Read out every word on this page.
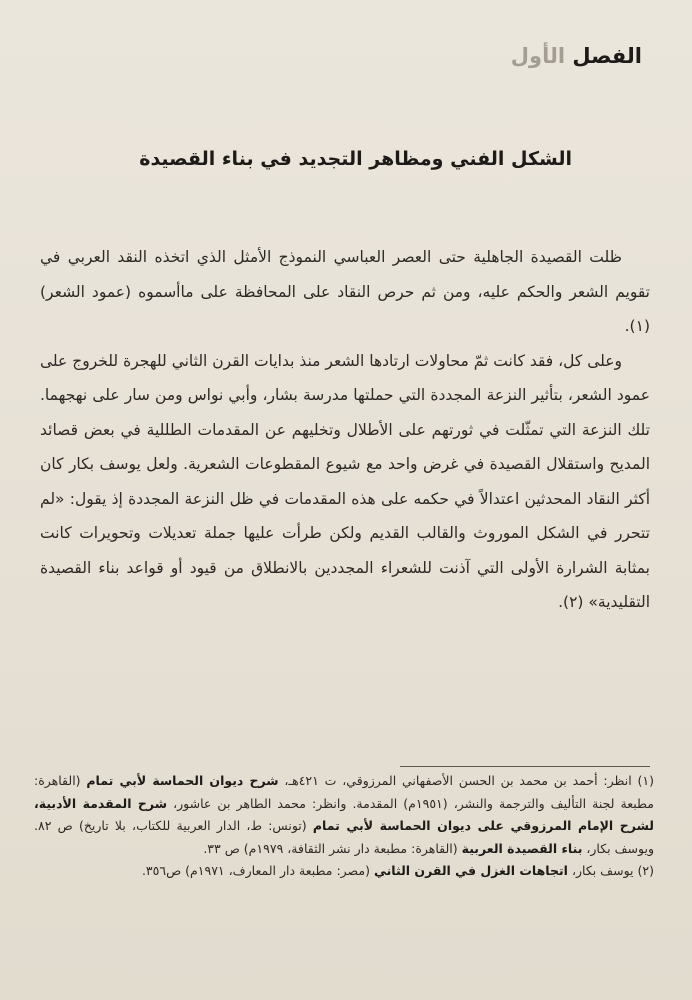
الفصل الأول
الشكل الفني ومظاهر التجديد في بناء القصيدة

ظلت القصيدة الجاهلية حتى العصر العباسي النموذج الأمثل الذي اتخذه النقد العربي في تقويم الشعر والحكم عليه، ومن ثم حرص النقاد على المحافظة على ماأسموه (عمود الشعر) (١).

وعلى كل، فقد كانت ثمّ محاولات ارتادها الشعر منذ بدايات القرن الثاني للهجرة للخروج على عمود الشعر، بتأثير النزعة المجددة التي حملتها مدرسة بشار، وأبي نواس ومن سار على نهجهما. تلك النزعة التي تمثّلت في ثورتهم على الأطلال وتخليهم عن المقدمات الطللية في بعض قصائد المديح واستقلال القصيدة في غرض واحد مع شيوع المقطوعات الشعرية. ولعل يوسف بكار كان أكثر النقاد المحدثين اعتدالاً في حكمه على هذه المقدمات في ظل النزعة المجددة إذ يقول: «لم تتحرر في الشكل الموروث والقالب القديم ولكن طرأت عليها جملة تعديلات وتحويرات كانت بمثابة الشرارة الأولى التي آذنت للشعراء المجددين بالانطلاق من قيود أو قواعد بناء القصيدة التقليدية» (٢).

(١) انظر: أحمد بن محمد بن الحسن الأصفهاني المرزوقي، ت ٤٢١هـ، شرح ديوان الحماسة لأبي تمام (القاهرة: مطبعة لجنة التأليف والترجمة والنشر، (١٩٥١م) المقدمة. وانظر: محمد الطاهر بن عاشور، شرح المقدمة الأدبية، لشرح الإمام المرزوقي على ديوان الحماسة لأبي تمام (تونس: ط، الدار العربية للكتاب، بلا تاريخ) ص ٨٢. ويوسف بكار، بناء القصيدة العربية (القاهرة: مطبعة دار نشر الثقافة، ١٩٧٩م) ص ٣٣.

(٢) يوسف بكار، اتجاهات الغزل في القرن الثاني (مصر: مطبعة دار المعارف، ١٩٧١م) ص٣٥٦.
